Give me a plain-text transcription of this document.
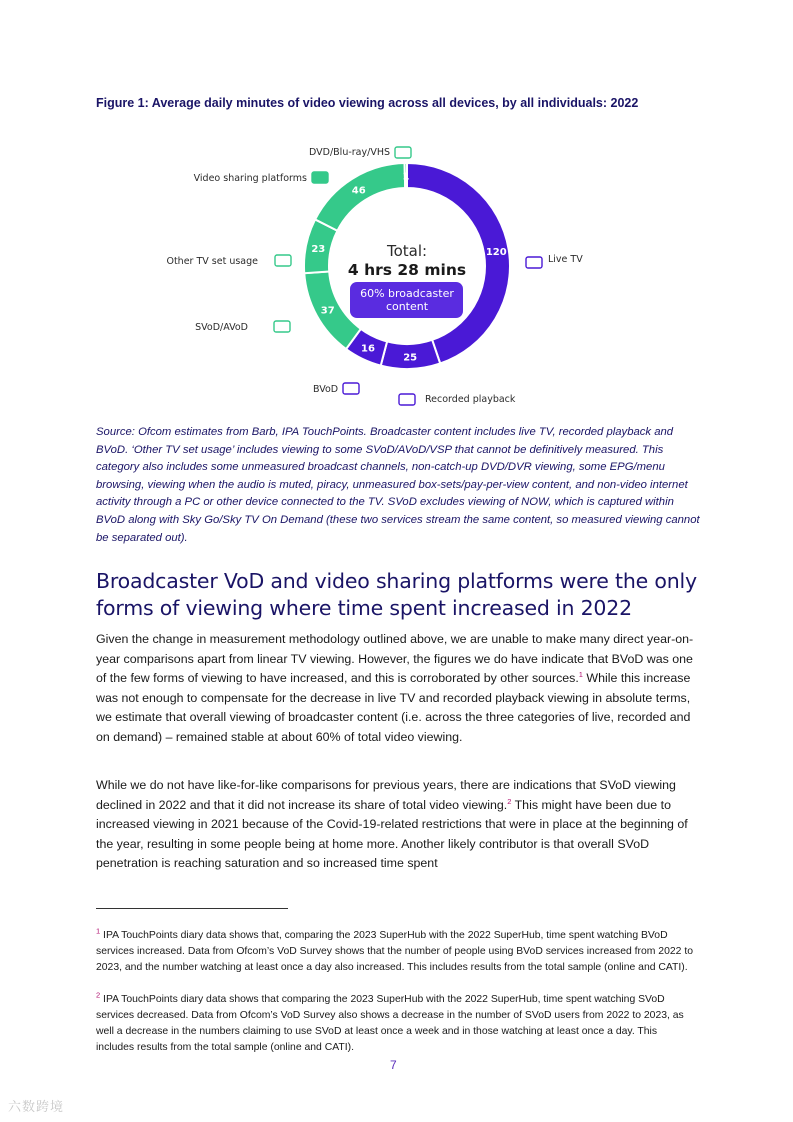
Figure 1: Average daily minutes of video viewing across all devices, by all individuals: 2022
120
25
16
37
23
46
1
Live TV
Recorded playback
BVoD
SVoD/AVoD
Other TV set usage
Video sharing platforms
DVD/Blu-ray/VHS
Total:
4 hrs 28 mins
60% broadcaster
content
Source: Ofcom estimates from Barb, IPA TouchPoints. Broadcaster content includes live TV, recorded playback and BVoD. ‘Other TV set usage’ includes viewing to some SVoD/AVoD/VSP that cannot be definitively measured. This category also includes some unmeasured broadcast channels, non-catch-up DVD/DVR viewing, some EPG/menu browsing, viewing when the audio is muted, piracy, unmeasured box-sets/pay-per-view content, and non-video internet activity through a PC or other device connected to the TV. SVoD excludes viewing of NOW, which is captured within BVoD along with Sky Go/Sky TV On Demand (these two services stream the same content, so measured viewing cannot be separated out).
Broadcaster VoD and video sharing platforms were the only forms of viewing where time spent increased in 2022
Given the change in measurement methodology outlined above, we are unable to make many direct year-on-year comparisons apart from linear TV viewing. However, the figures we do have indicate that BVoD was one of the few forms of viewing to have increased, and this is corroborated by other sources.$^1$ While this increase was not enough to compensate for the decrease in live TV and recorded playback viewing in absolute terms, we estimate that overall viewing of broadcaster content (i.e. across the three categories of live, recorded and on demand) – remained stable at about 60% of total video viewing.
While we do not have like-for-like comparisons for previous years, there are indications that SVoD viewing declined in 2022 and that it did not increase its share of total video viewing.$^2$ This might have been due to increased viewing in 2021 because of the Covid-19-related restrictions that were in place at the beginning of the year, resulting in some people being at home more. Another likely contributor is that overall SVoD penetration is reaching saturation and so increased time spent
$^1$ IPA TouchPoints diary data shows that, comparing the 2023 SuperHub with the 2022 SuperHub, time spent watching BVoD services increased. Data from Ofcom’s VoD Survey shows that the number of people using BVoD services increased from 2022 to 2023, and the number watching at least once a day also increased. This includes results from the total sample (online and CATI).
$^2$ IPA TouchPoints diary data shows that comparing the 2023 SuperHub with the 2022 SuperHub, time spent watching SVoD services decreased. Data from Ofcom’s VoD Survey also shows a decrease in the number of SVoD users from 2022 to 2023, as well a decrease in the numbers claiming to use SVoD at least once a week and in those watching at least once a day. This includes results from the total sample (online and CATI).
7
六数跨境
